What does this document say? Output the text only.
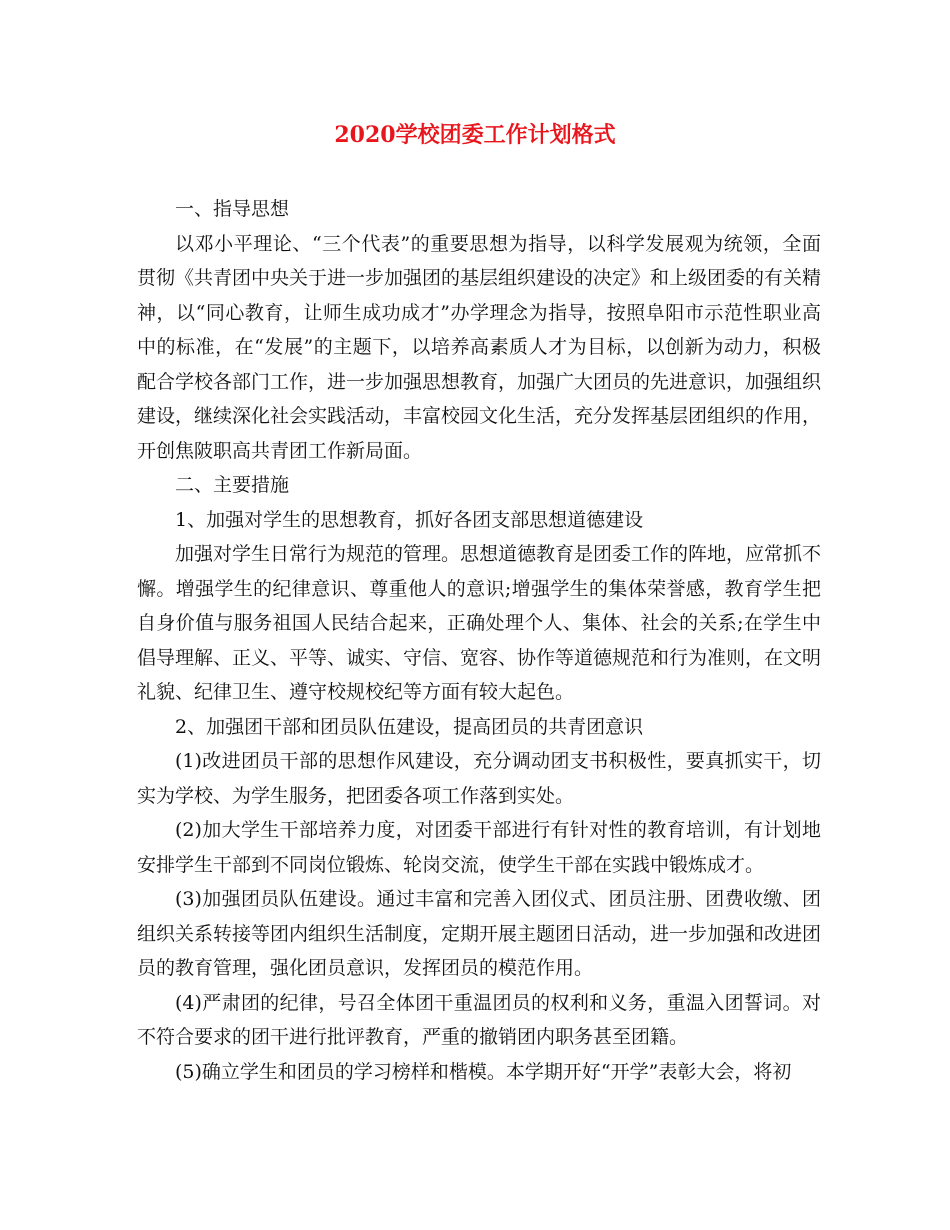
2020学校团委工作计划格式

一、指导思想

以邓小平理论、“三个代表”的重要思想为指导，以科学发展观为统领，全面贯彻《共青团中央关于进一步加强团的基层组织建设的决定》和上级团委的有关精神，以“同心教育，让师生成功成才”办学理念为指导，按照阜阳市示范性职业高中的标准，在“发展”的主题下，以培养高素质人才为目标，以创新为动力，积极配合学校各部门工作，进一步加强思想教育，加强广大团员的先进意识，加强组织建设，继续深化社会实践活动，丰富校园文化生活，充分发挥基层团组织的作用，开创焦陂职高共青团工作新局面。

二、主要措施

1、加强对学生的思想教育，抓好各团支部思想道德建设

加强对学生日常行为规范的管理。思想道德教育是团委工作的阵地，应常抓不懈。增强学生的纪律意识、尊重他人的意识;增强学生的集体荣誉感，教育学生把自身价值与服务祖国人民结合起来，正确处理个人、集体、社会的关系;在学生中倡导理解、正义、平等、诚实、守信、宽容、协作等道德规范和行为准则，在文明礼貌、纪律卫生、遵守校规校纪等方面有较大起色。

2、加强团干部和团员队伍建设，提高团员的共青团意识

(1)改进团员干部的思想作风建设，充分调动团支书积极性，要真抓实干，切实为学校、为学生服务，把团委各项工作落到实处。

(2)加大学生干部培养力度，对团委干部进行有针对性的教育培训，有计划地安排学生干部到不同岗位锻炼、轮岗交流，使学生干部在实践中锻炼成才。

(3)加强团员队伍建设。通过丰富和完善入团仪式、团员注册、团费收缴、团组织关系转接等团内组织生活制度，定期开展主题团日活动，进一步加强和改进团员的教育管理，强化团员意识，发挥团员的模范作用。

(4)严肃团的纪律，号召全体团干重温团员的权利和义务，重温入团誓词。对不符合要求的团干进行批评教育，严重的撤销团内职务甚至团籍。

(5)确立学生和团员的学习榜样和楷模。本学期开好“开学”表彰大会，将初
